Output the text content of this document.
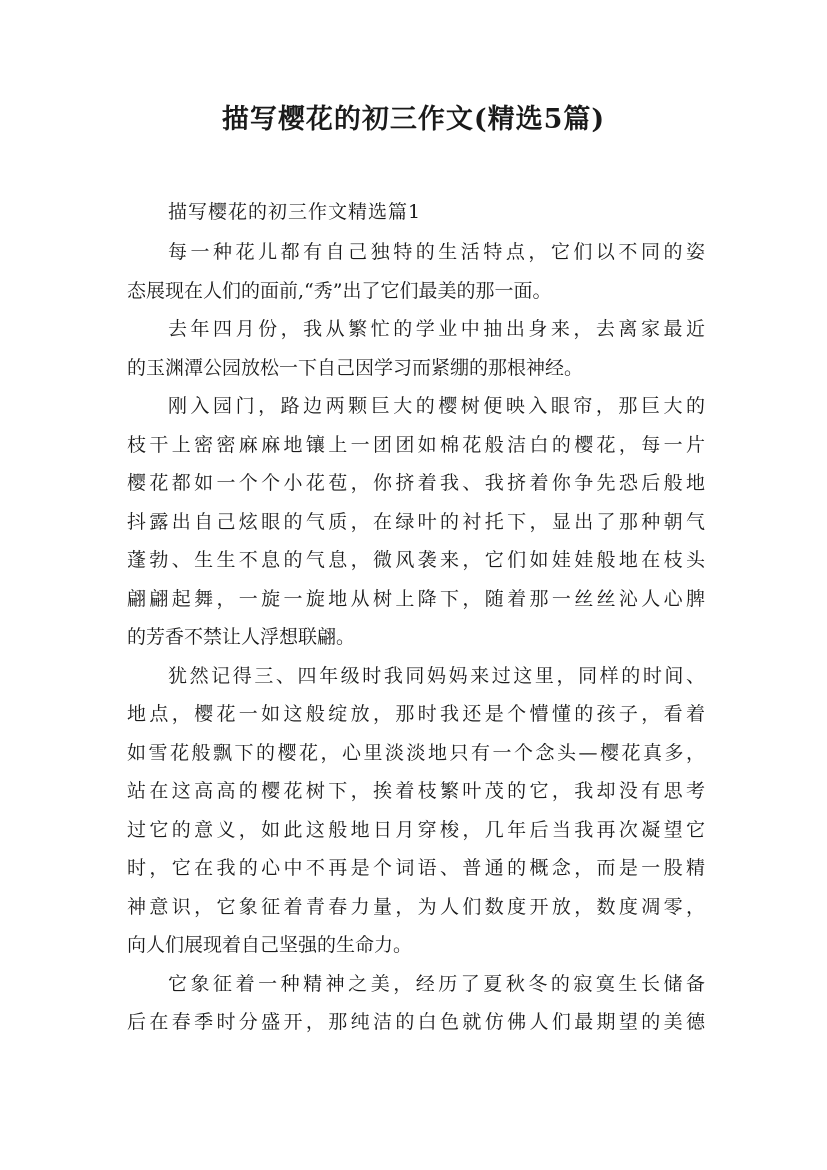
描写樱花的初三作文(精选5篇)

描写樱花的初三作文精选篇1

每一种花儿都有自己独特的生活特点，它们以不同的姿
态展现在人们的面前,“秀”出了它们最美的那一面。
去年四月份，我从繁忙的学业中抽出身来，去离家最近
的玉渊潭公园放松一下自己因学习而紧绷的那根神经。
刚入园门，路边两颗巨大的樱树便映入眼帘，那巨大的
枝干上密密麻麻地镶上一团团如棉花般洁白的樱花，每一片
樱花都如一个个小花苞，你挤着我、我挤着你争先恐后般地
抖露出自己炫眼的气质，在绿叶的衬托下，显出了那种朝气
蓬勃、生生不息的气息，微风袭来，它们如娃娃般地在枝头
翩翩起舞，一旋一旋地从树上降下，随着那一丝丝沁人心脾
的芳香不禁让人浮想联翩。
犹然记得三、四年级时我同妈妈来过这里，同样的时间、
地点，樱花一如这般绽放，那时我还是个懵懂的孩子，看着
如雪花般飘下的樱花，心里淡淡地只有一个念头—樱花真多，
站在这高高的樱花树下，挨着枝繁叶茂的它，我却没有思考
过它的意义，如此这般地日月穿梭，几年后当我再次凝望它
时，它在我的心中不再是个词语、普通的概念，而是一股精
神意识，它象征着青春力量，为人们数度开放，数度凋零，
向人们展现着自己坚强的生命力。
它象征着一种精神之美，经历了夏秋冬的寂寞生长储备
后在春季时分盛开，那纯洁的白色就仿佛人们最期望的美德
